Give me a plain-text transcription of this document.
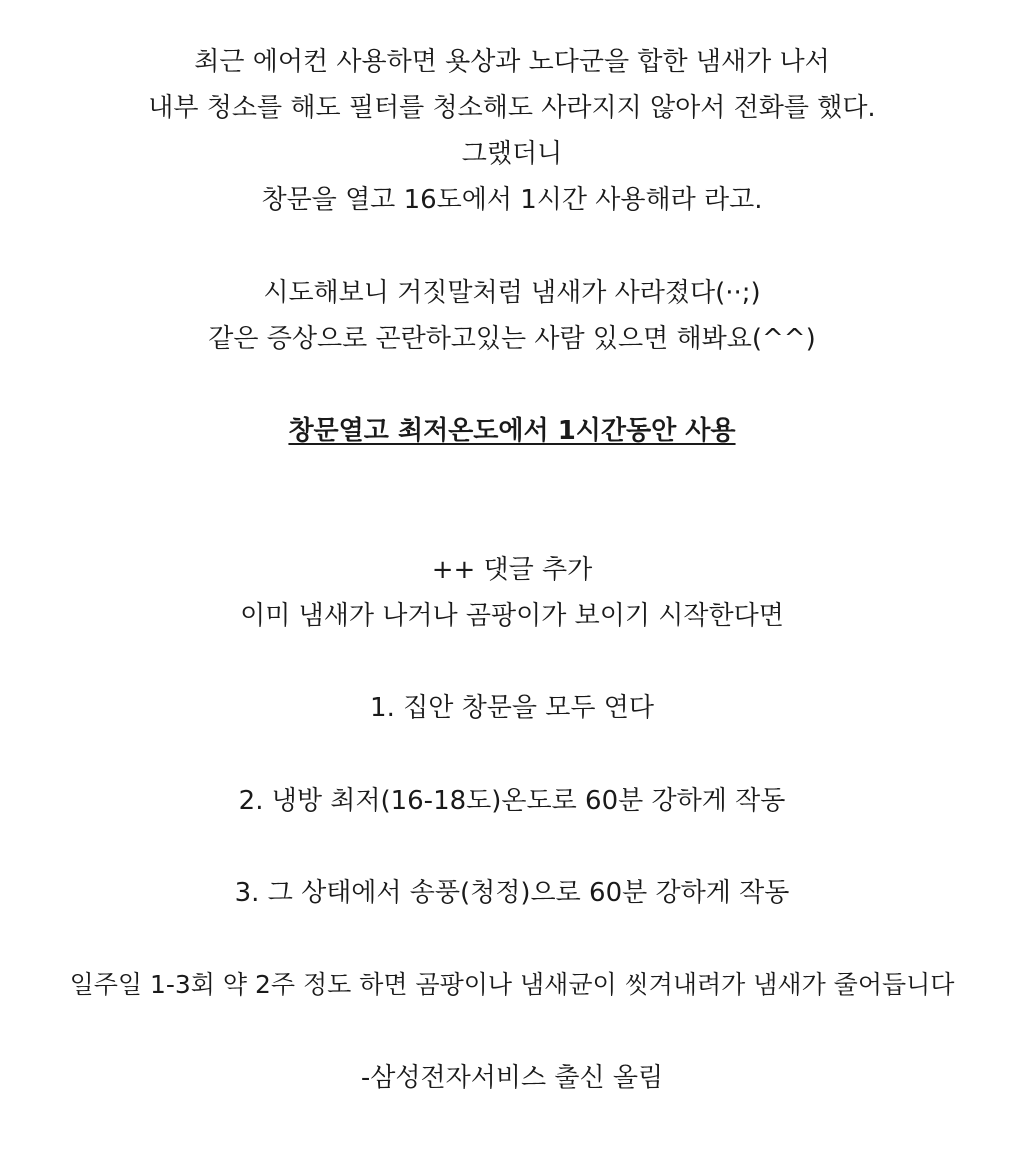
최근 에어컨 사용하면 욧상과 노다군을 합한 냄새가 나서
내부 청소를 해도 필터를 청소해도 사라지지 않아서 전화를 했다.
그랬더니
창문을 열고 16도에서 1시간 사용해라 라고.
시도해보니 거짓말처럼 냄새가 사라졌다(··;)
같은 증상으로 곤란하고있는 사람 있으면 해봐요(^^)
창문열고 최저온도에서 1시간동안 사용
++ 댓글 추가
이미 냄새가 나거나 곰팡이가 보이기 시작한다면
1. 집안 창문을 모두 연다
2. 냉방 최저(16-18도)온도로 60분 강하게 작동
3. 그 상태에서 송풍(청정)으로 60분 강하게 작동
일주일 1-3회 약 2주 정도 하면 곰팡이나 냄새균이 씻겨내려가 냄새가 줄어듭니다
-삼성전자서비스 출신 올림
